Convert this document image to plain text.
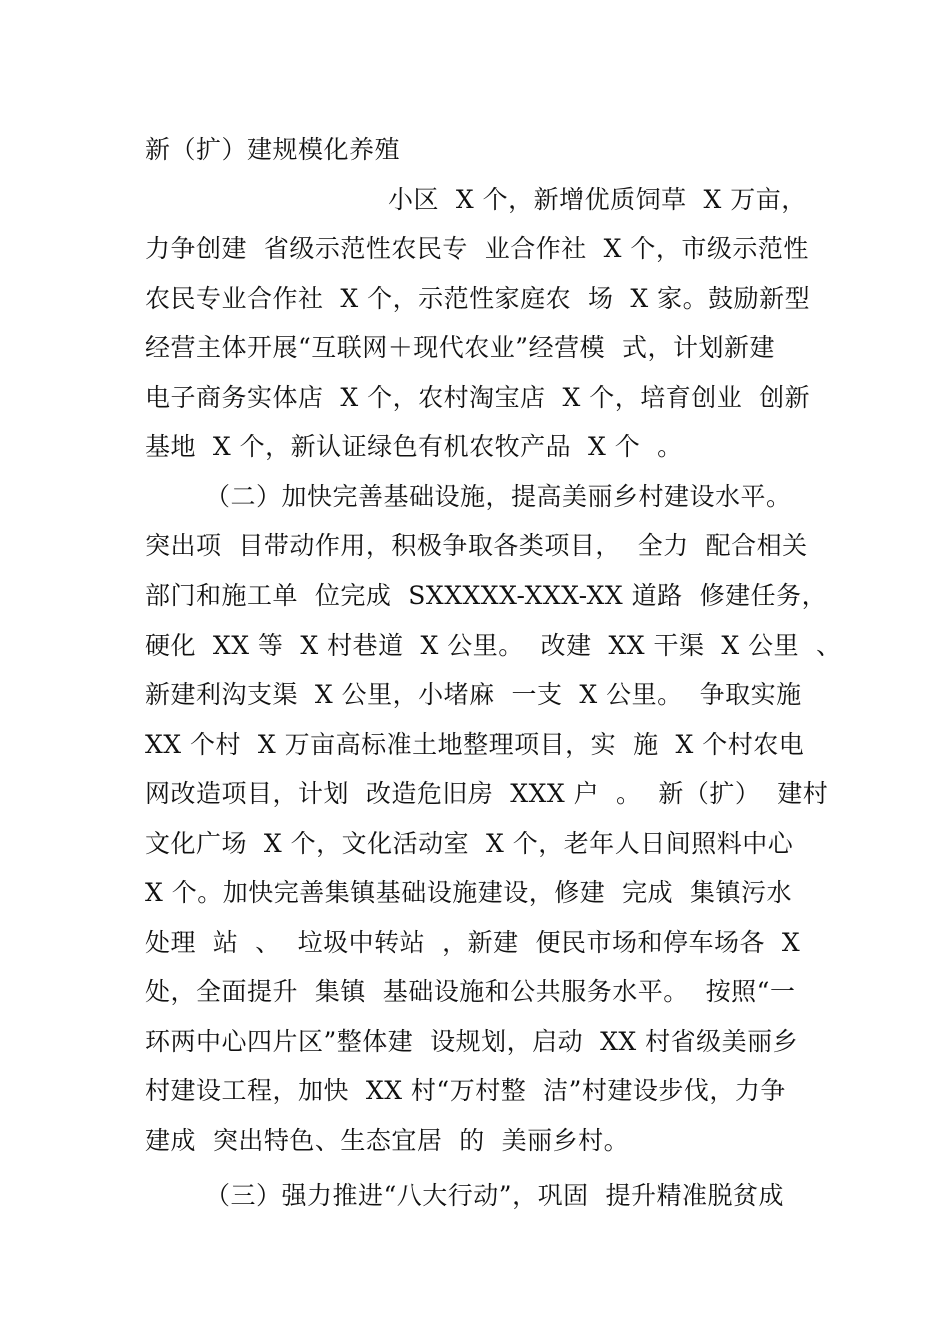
新（扩）建规模化养殖
小区  X 个，新增优质饲草  X 万亩，
力争创建  省级示范性农民专  业合作社  X 个，市级示范性
农民专业合作社  X 个，示范性家庭农  场  X 家。鼓励新型
经营主体开展“互联网＋现代农业”经营模  式，计划新建
电子商务实体店  X 个，农村淘宝店  X 个，培育创业  创新
基地  X 个，新认证绿色有机农牧产品  X 个  。
（二）加快完善基础设施，提高美丽乡村建设水平。
突出项  目带动作用，积极争取各类项目，  全力  配合相关
部门和施工单  位完成  SXXXXX-XXX-XX 道路  修建任务，
硬化  XX 等  X 村巷道  X 公里。  改建  XX 干渠  X 公里  、
新建利沟支渠  X 公里，小堵麻  一支  X 公里。  争取实施
XX 个村  X 万亩高标准土地整理项目，实  施  X 个村农电
网改造项目，计划  改造危旧房  XXX 户  。  新（扩）  建村
文化广场  X 个，文化活动室  X 个，老年人日间照料中心
X 个。加快完善集镇基础设施建设，修建  完成  集镇污水
处理  站  、  垃圾中转站  ，新建  便民市场和停车场各  X
处，全面提升  集镇  基础设施和公共服务水平。  按照“一
环两中心四片区”整体建  设规划，启动  XX 村省级美丽乡
村建设工程，加快  XX 村“万村整  洁”村建设步伐，力争
建成  突出特色、生态宜居  的  美丽乡村。
（三）强力推进“八大行动”，巩固  提升精准脱贫成
